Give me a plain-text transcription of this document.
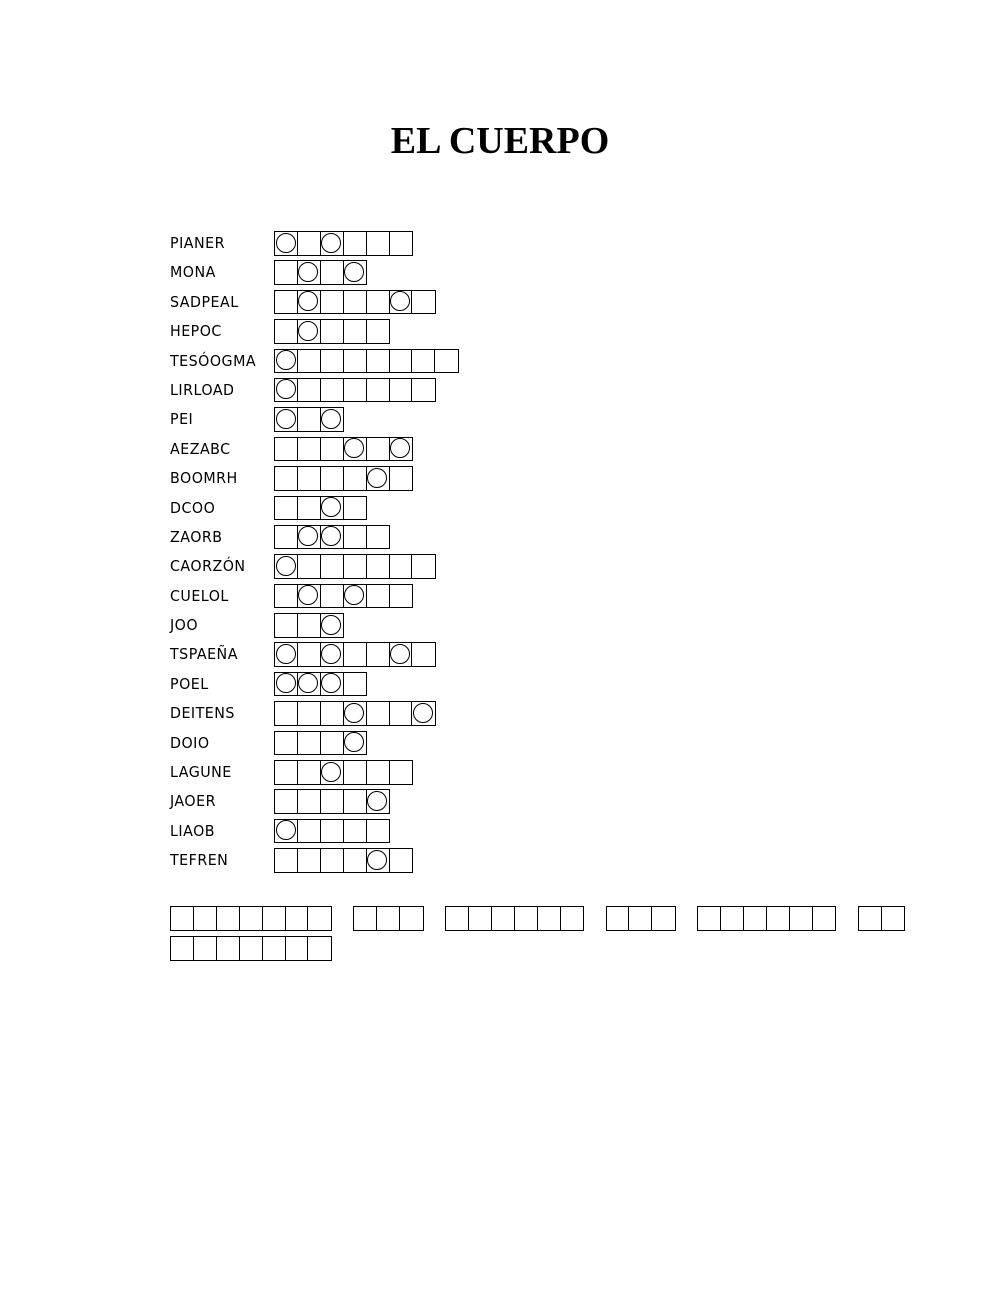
EL CUERPO
PIANER
MONA
SADPEAL
HEPOC
TESÓOGMA
LIRLOAD
PEI
AEZABC
BOOMRH
DCOO
ZAORB
CAORZÓN
CUELOL
JOO
TSPAEÑA
POEL
DEITENS
DOIO
LAGUNE
JAOER
LIAOB
TEFREN
